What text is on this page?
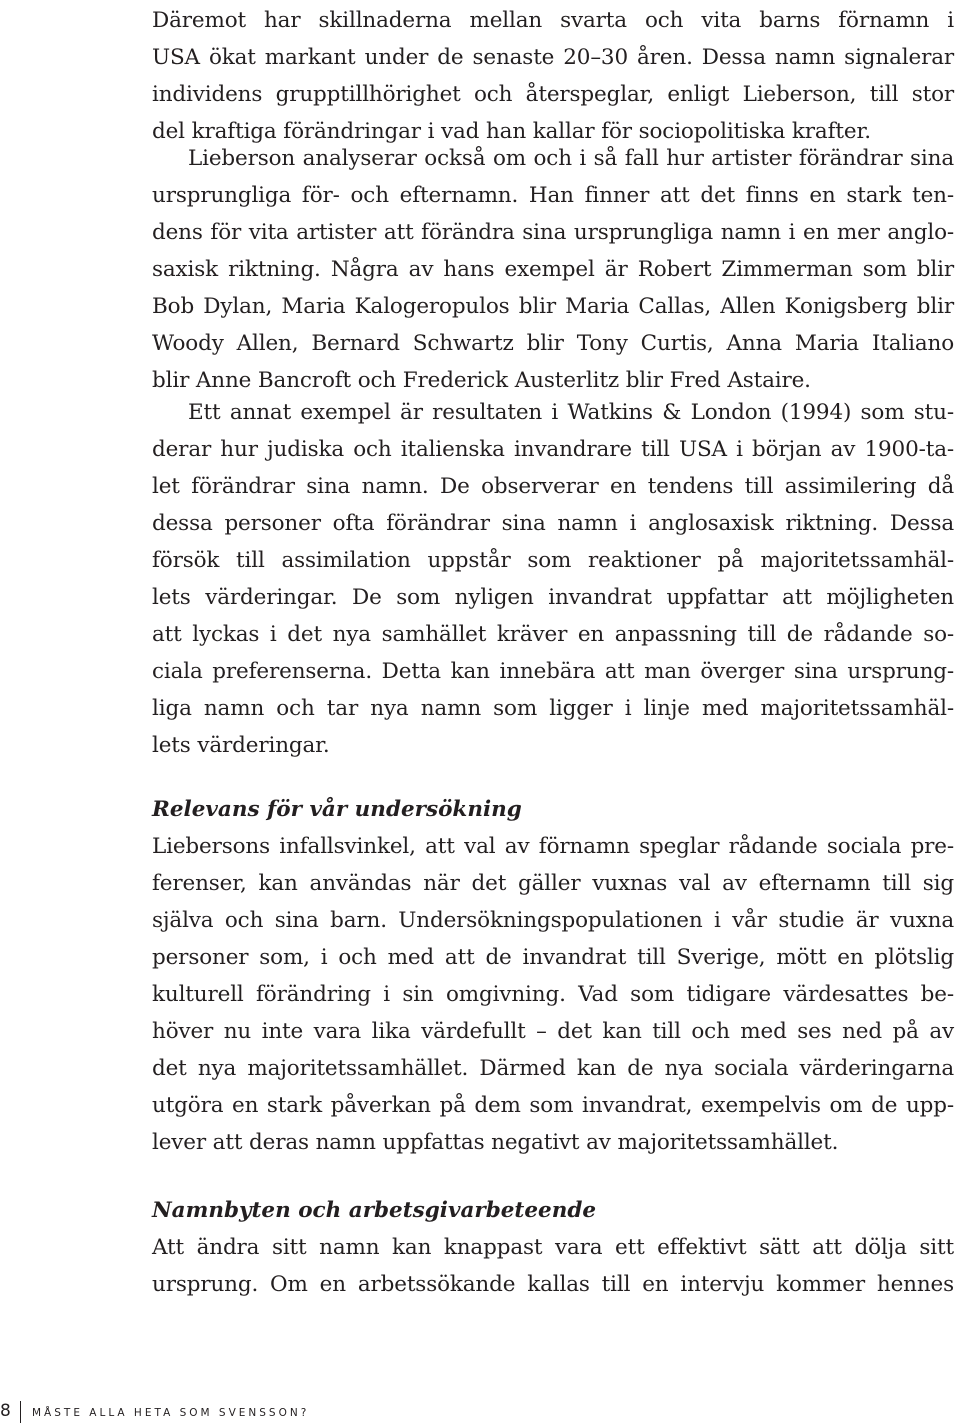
Däremot har skillnaderna mellan svarta och vita barns förnamn i
USA ökat markant under de senaste 20–30 åren. Dessa namn signalerar
individens grupptillhörighet och återspeglar, enligt Lieberson, till stor
del kraftiga förändringar i vad han kallar för sociopolitiska krafter.
Lieberson analyserar också om och i så fall hur artister förändrar sina
ursprungliga för- och efternamn. Han finner att det finns en stark ten-
dens för vita artister att förändra sina ursprungliga namn i en mer anglo-
saxisk riktning. Några av hans exempel är Robert Zimmerman som blir
Bob Dylan, Maria Kalogeropulos blir Maria Callas, Allen Konigsberg blir
Woody Allen, Bernard Schwartz blir Tony Curtis, Anna Maria Italiano
blir Anne Bancroft och Frederick Austerlitz blir Fred Astaire.
Ett annat exempel är resultaten i Watkins & London (1994) som stu-
derar hur judiska och italienska invandrare till USA i början av 1900-ta-
let förändrar sina namn. De observerar en tendens till assimilering då
dessa personer ofta förändrar sina namn i anglosaxisk riktning. Dessa
försök till assimilation uppstår som reaktioner på majoritetssamhäl-
lets värderingar. De som nyligen invandrat uppfattar att möjligheten
att lyckas i det nya samhället kräver en anpassning till de rådande so-
ciala preferenserna. Detta kan innebära att man överger sina ursprung-
liga namn och tar nya namn som ligger i linje med majoritetssamhäl-
lets värderingar.
Relevans för vår undersökning
Liebersons infallsvinkel, att val av förnamn speglar rådande sociala pre-
ferenser, kan användas när det gäller vuxnas val av efternamn till sig
själva och sina barn. Undersökningspopulationen i vår studie är vuxna
personer som, i och med att de invandrat till Sverige, mött en plötslig
kulturell förändring i sin omgivning. Vad som tidigare värdesattes be-
höver nu inte vara lika värdefullt – det kan till och med ses ned på av
det nya majoritetssamhället. Därmed kan de nya sociala värderingarna
utgöra en stark påverkan på dem som invandrat, exempelvis om de upp-
lever att deras namn uppfattas negativt av majoritetssamhället.
Namnbyten och arbetsgivarbeteende
Att ändra sitt namn kan knappast vara ett effektivt sätt att dölja sitt
ursprung. Om en arbetssökande kallas till en intervju kommer hennes
8 MÅSTE ALLA HETA SOM SVENSSON?
